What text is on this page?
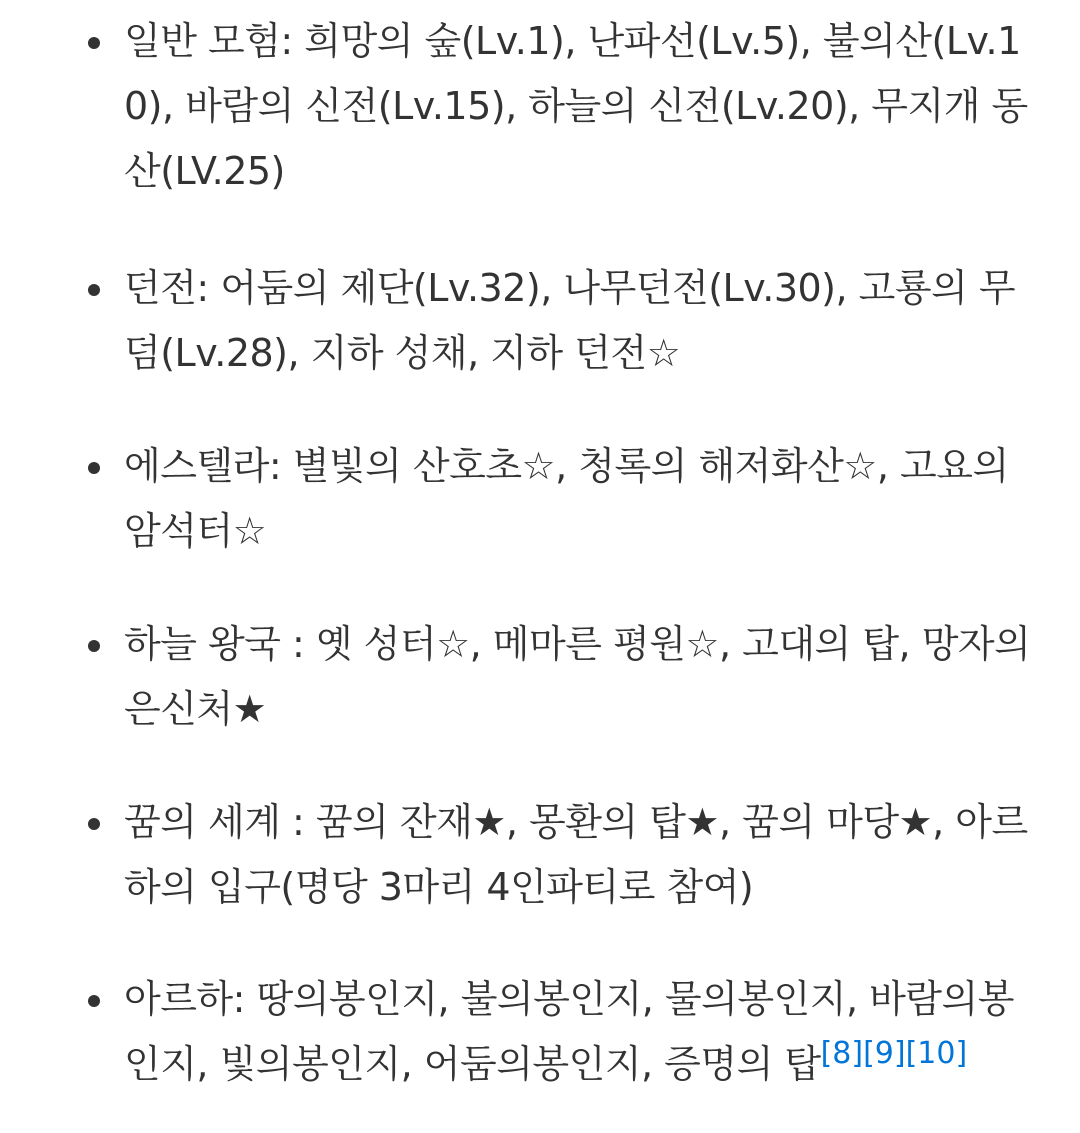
일반 모험: 희망의 숲(Lv.1), 난파선(Lv.5), 불의산(Lv.10), 바람의 신전(Lv.15), 하늘의 신전(Lv.20), 무지개 동산(LV.25)
던전: 어둠의 제단(Lv.32), 나무던전(Lv.30), 고룡의 무덤(Lv.28), 지하 성채, 지하 던전☆
에스텔라: 별빛의 산호초☆, 청록의 해저화산☆, 고요의 암석터☆
하늘 왕국 : 옛 성터☆, 메마른 평원☆, 고대의 탑, 망자의 은신처★
꿈의 세계 : 꿈의 잔재★, 몽환의 탑★, 꿈의 마당★, 아르하의 입구(명당 3마리 4인파티로 참여)
아르하: 땅의봉인지, 불의봉인지, 물의봉인지, 바람의봉인지, 빛의봉인지, 어둠의봉인지, 증명의 탑[8][9][10]
